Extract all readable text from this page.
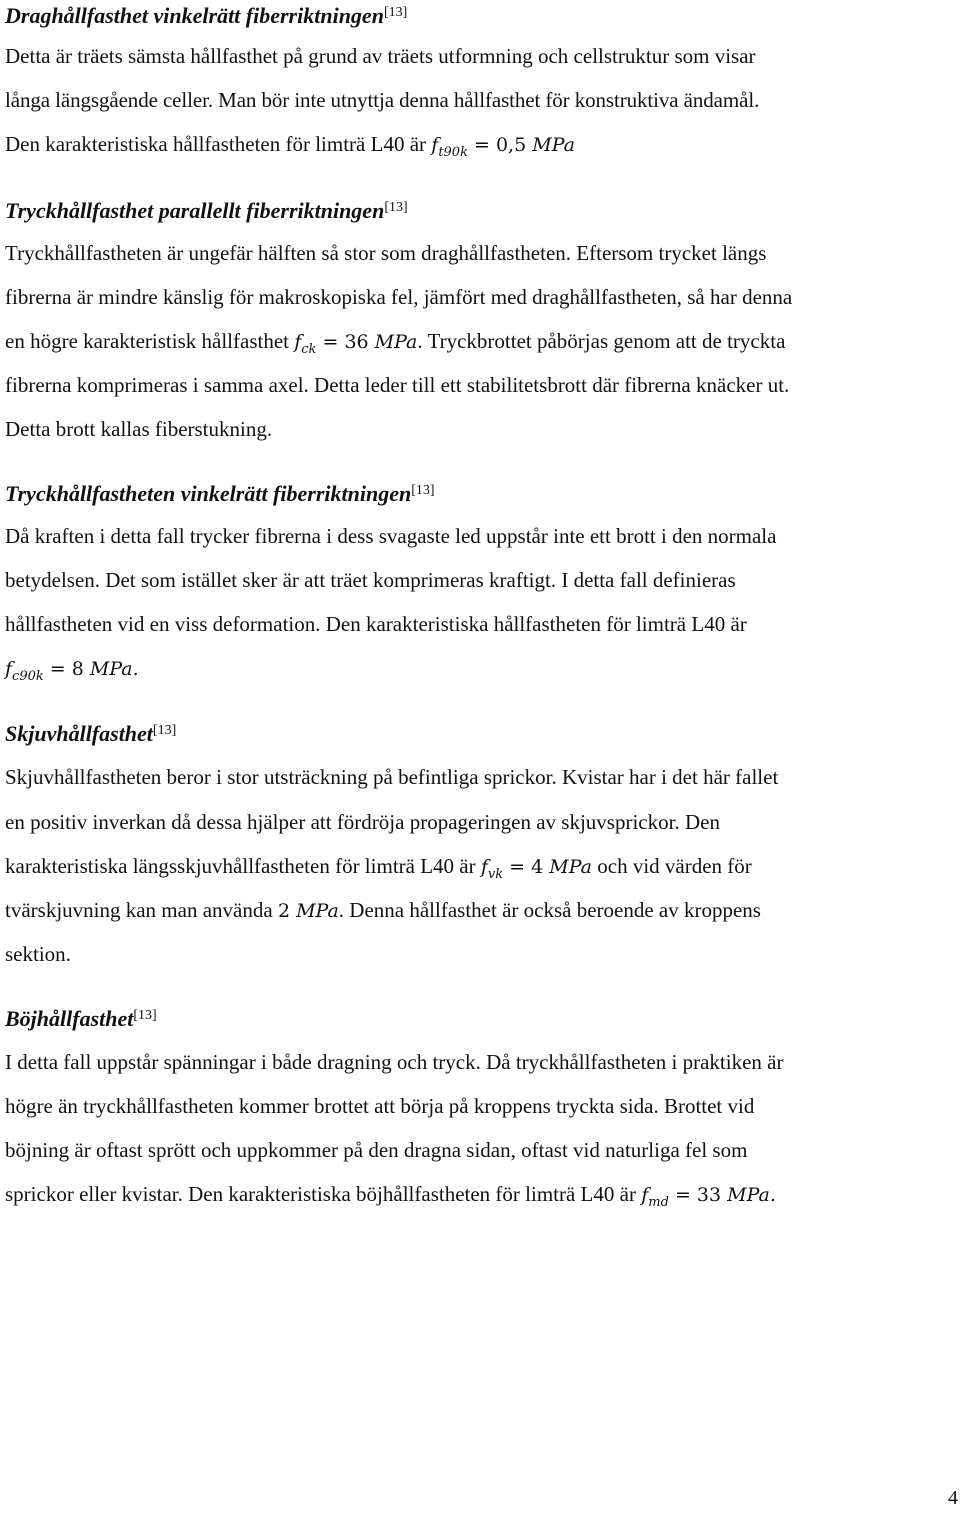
Draghållfasthet vinkelrätt fiberriktningen[13]

Detta är träets sämsta hållfasthet på grund av träets utformning och cellstruktur som visar

långa längsgående celler. Man bör inte utnyttja denna hållfasthet för konstruktiva ändamål.

Den karakteristiska hållfastheten för limträ L40 är $f_{t90k} = 0,5$ MPa

Tryckhållfasthet parallellt fiberriktningen[13]

Tryckhållfastheten är ungefär hälften så stor som draghållfastheten. Eftersom trycket längs

fibrerna är mindre känslig för makroskopiska fel, jämfört med draghållfastheten, så har denna

en högre karakteristisk hållfasthet $f_{ck} = 36$ MPa. Tryckbrottet påbörjas genom att de tryckta

fibrerna komprimeras i samma axel. Detta leder till ett stabilitetsbrott där fibrerna knäcker ut.

Detta brott kallas fiberstukning.

Tryckhållfastheten vinkelrätt fiberriktningen[13]

Då kraften i detta fall trycker fibrerna i dess svagaste led uppstår inte ett brott i den normala

betydelsen. Det som istället sker är att träet komprimeras kraftigt. I detta fall definieras

hållfastheten vid en viss deformation. Den karakteristiska hållfastheten för limträ L40 är

$f_{c90k} = 8$ MPa.

Skjuvhållfasthet[13]

Skjuvhållfastheten beror i stor utsträckning på befintliga sprickor. Kvistar har i det här fallet

en positiv inverkan då dessa hjälper att fördröja propageringen av skjuvsprickor. Den

karakteristiska längsskjuvhållfastheten för limträ L40 är $f_{vk} = 4$ MPa och vid värden för

tvärskjuvning kan man använda 2 MPa. Denna hållfasthet är också beroende av kroppens

sektion.

Böjhållfasthet[13]

I detta fall uppstår spänningar i både dragning och tryck. Då tryckhållfastheten i praktiken är

högre än tryckhållfastheten kommer brottet att börja på kroppens tryckta sida. Brottet vid

böjning är oftast sprött och uppkommer på den dragna sidan, oftast vid naturliga fel som

sprickor eller kvistar. Den karakteristiska böjhållfastheten för limträ L40 är $f_{md} = 33$ MPa.

4
